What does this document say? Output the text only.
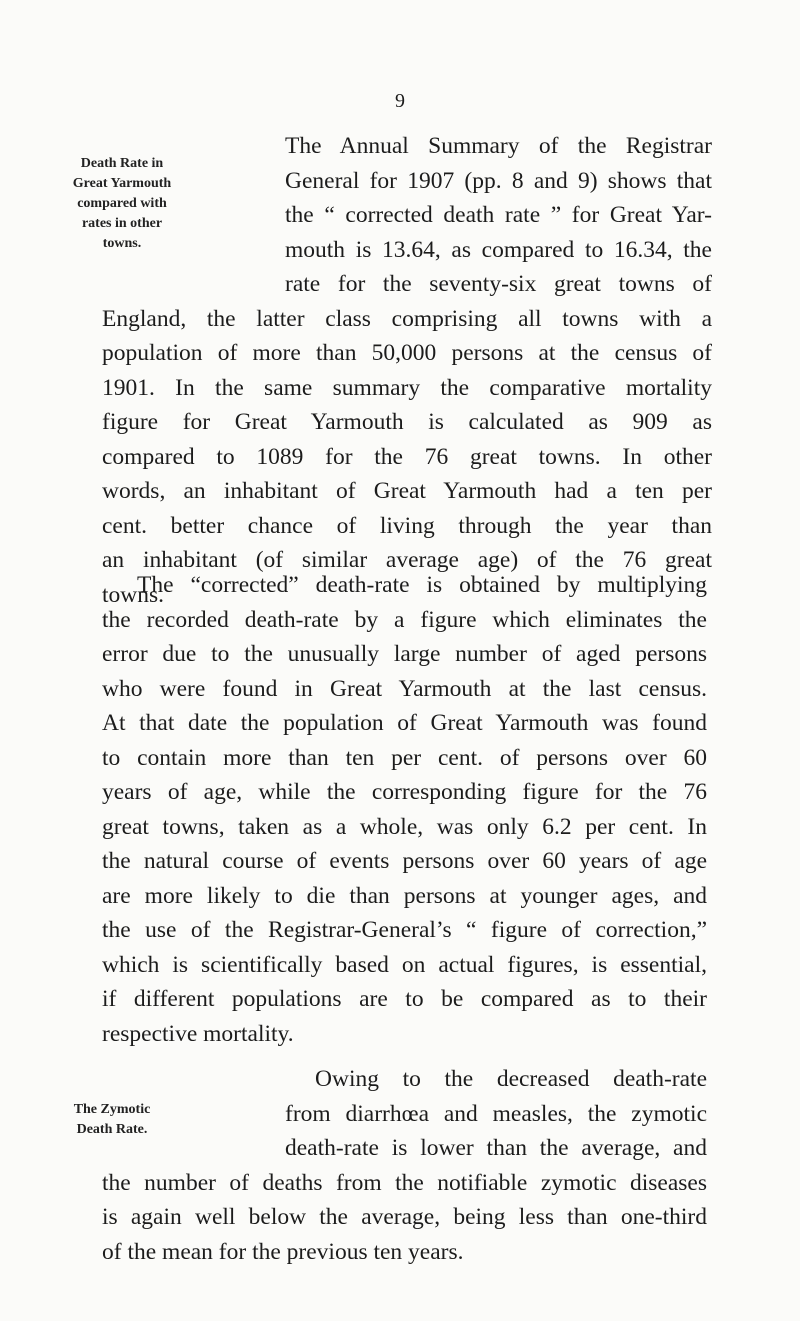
9
Death Rate in
Great Yarmouth
compared with
rates in other
towns.
The Annual Summary of the Registrar
General for 1907 (pp. 8 and 9) shows that
the “ corrected death rate ” for Great Yar-
mouth is 13.64, as compared to 16.34, the
rate for the seventy-six great towns of
England, the latter class comprising all towns with a
population of more than 50,000 persons at the census of
1901. In the same summary the comparative mortality
figure for Great Yarmouth is calculated as 909 as
compared to 1089 for the 76 great towns. In other
words, an inhabitant of Great Yarmouth had a ten per
cent. better chance of living through the year than
an inhabitant (of similar average age) of the 76 great
towns.
The “corrected” death-rate is obtained by multiplying
the recorded death-rate by a figure which eliminates the
error due to the unusually large number of aged persons
who were found in Great Yarmouth at the last census.
At that date the population of Great Yarmouth was found
to contain more than ten per cent. of persons over 60
years of age, while the corresponding figure for the 76
great towns, taken as a whole, was only 6.2 per cent. In
the natural course of events persons over 60 years of age
are more likely to die than persons at younger ages, and
the use of the Registrar-General’s “ figure of correction,”
which is scientifically based on actual figures, is essential,
if different populations are to be compared as to their
respective mortality.
The Zymotic
Death Rate.
Owing to the decreased death-rate
from diarrhœa and measles, the zymotic
death-rate is lower than the average, and
the number of deaths from the notifiable zymotic diseases
is again well below the average, being less than one-third
of the mean for the previous ten years.
